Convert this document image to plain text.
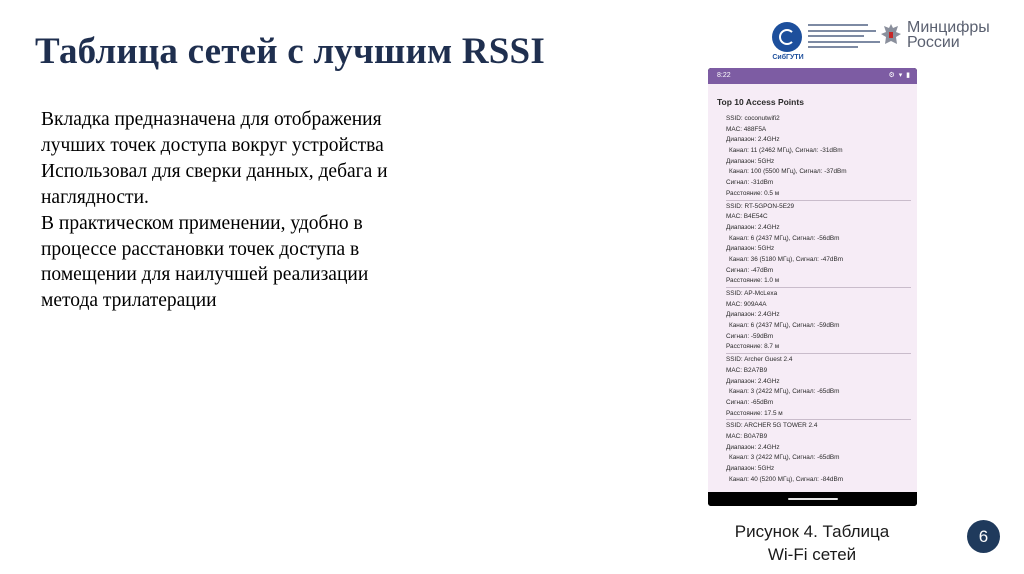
Таблица сетей с лучшим RSSI
Вкладка предназначена для отображения
лучших точек доступа вокруг устройства
Использовал для сверки данных, дебага и
наглядности.
В практическом применении, удобно в
процессе расстановки точек доступа в
помещении для наилучшей реализации
метода трилатерации
СибГУТИ
Минцифры
России
8:22	⚙ ▾ ▮
Top 10 Access Points
SSID: coconutwifi2
MAC: 488F5A
Диапазон: 2.4GHz
Канал: 11 (2462 МГц), Сигнал: -31dBm
Диапазон: 5GHz
Канал: 100 (5500 МГц), Сигнал: -37dBm
Сигнал: -31dBm
Расстояние: 0.5 м
SSID: RT-5GPON-5E29
MAC: B4E54C
Диапазон: 2.4GHz
Канал: 6 (2437 МГц), Сигнал: -56dBm
Диапазон: 5GHz
Канал: 36 (5180 МГц), Сигнал: -47dBm
Сигнал: -47dBm
Расстояние: 1.0 м
SSID: AP-McLexa
MAC: 909A4A
Диапазон: 2.4GHz
Канал: 6 (2437 МГц), Сигнал: -59dBm
Сигнал: -59dBm
Расстояние: 8.7 м
SSID: Archer Guest 2.4
MAC: B2A7B9
Диапазон: 2.4GHz
Канал: 3 (2422 МГц), Сигнал: -65dBm
Сигнал: -65dBm
Расстояние: 17.5 м
SSID: ARCHER 5G TOWER 2.4
MAC: B0A7B9
Диапазон: 2.4GHz
Канал: 3 (2422 МГц), Сигнал: -65dBm
Диапазон: 5GHz
Канал: 40 (5200 МГц), Сигнал: -84dBm
Рисунок 4. Таблица
Wi-Fi сетей
6
